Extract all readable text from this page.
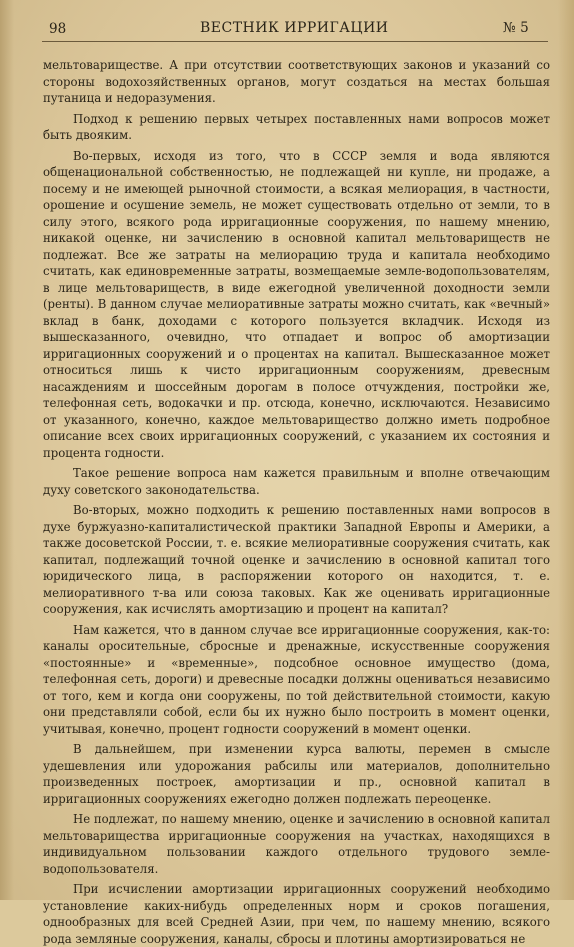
98	ВЕСТНИК ИРРИГАЦИИ	№ 5

мельтовариществе. А при отсутствии соответствующих законов и указаний со стороны водохозяйственных органов, могут создаться на местах большая путаница и недоразумения.

Подход к решению первых четырех поставленных нами вопросов может быть двояким.

Во-первых, исходя из того, что в СССР земля и вода являются общенациональной собственностью, не подлежащей ни купле, ни продаже, а посему и не имеющей рыночной стоимости, а всякая мелиорация, в частности, орошение и осушение земель, не может существовать отдельно от земли, то в силу этого, всякого рода ирригационные сооружения, по нашему мнению, никакой оценке, ни зачислению в основной капитал мельтовариществ не подлежат. Все же затраты на мелиорацию труда и капитала необходимо считать, как единовременные затраты, возмещаемые земле-водопользователям, в лице мельтовариществ, в виде ежегодной увеличенной доходности земли (ренты). В данном случае мелиоративные затраты можно считать, как «вечный» вклад в банк, доходами с которого пользуется вкладчик. Исходя из вышесказанного, очевидно, что отпадает и вопрос об амортизации ирригационных сооружений и о процентах на капитал. Вышесказанное может относиться лишь к чисто ирригационным сооружениям, древесным насаждениям и шоссейным дорогам в полосе отчуждения, постройки же, телефонная сеть, водокачки и пр. отсюда, конечно, исключаются. Независимо от указанного, конечно, каждое мельтоварищество должно иметь подробное описание всех своих ирригационных сооружений, с указанием их состояния и процента годности.

Такое решение вопроса нам кажется правильным и вполне отвечающим духу советского законодательства.

Во-вторых, можно подходить к решению поставленных нами вопросов в духе буржуазно-капиталистической практики Западной Европы и Америки, а также досоветской России, т. е. всякие мелиоративные сооружения считать, как капитал, подлежащий точной оценке и зачислению в основной капитал того юридического лица, в распоряжении которого он находится, т. е. мелиоративного т-ва или союза таковых. Как же оценивать ирригационные сооружения, как исчислять амортизацию и процент на капитал?

Нам кажется, что в данном случае все ирригационные сооружения, как-то: каналы оросительные, сбросные и дренажные, искусственные сооружения «постоянные» и «временные», подсобное основное имущество (дома, телефонная сеть, дороги) и древесные посадки должны оцениваться независимо от того, кем и когда они сооружены, по той действительной стоимости, какую они представляли собой, если бы их нужно было построить в момент оценки, учитывая, конечно, процент годности сооружений в момент оценки.

В дальнейшем, при изменении курса валюты, перемен в смысле удешевления или удорожания рабсилы или материалов, дополнительно произведенных построек, амортизации и пр., основной капитал в ирригационных сооружениях ежегодно должен подлежать переоценке.

Не подлежат, по нашему мнению, оценке и зачислению в основной капитал мельтоварищества ирригационные сооружения на участках, находящихся в индивидуальном пользовании каждого отдельного трудового земле-водопользователя.

При исчислении амортизации ирригационных сооружений необходимо установление каких-нибудь определенных норм и сроков погашения, однообразных для всей Средней Азии, при чем, по нашему мнению, всякого рода земляные сооружения, каналы, сбросы и плотины амортизироваться не
